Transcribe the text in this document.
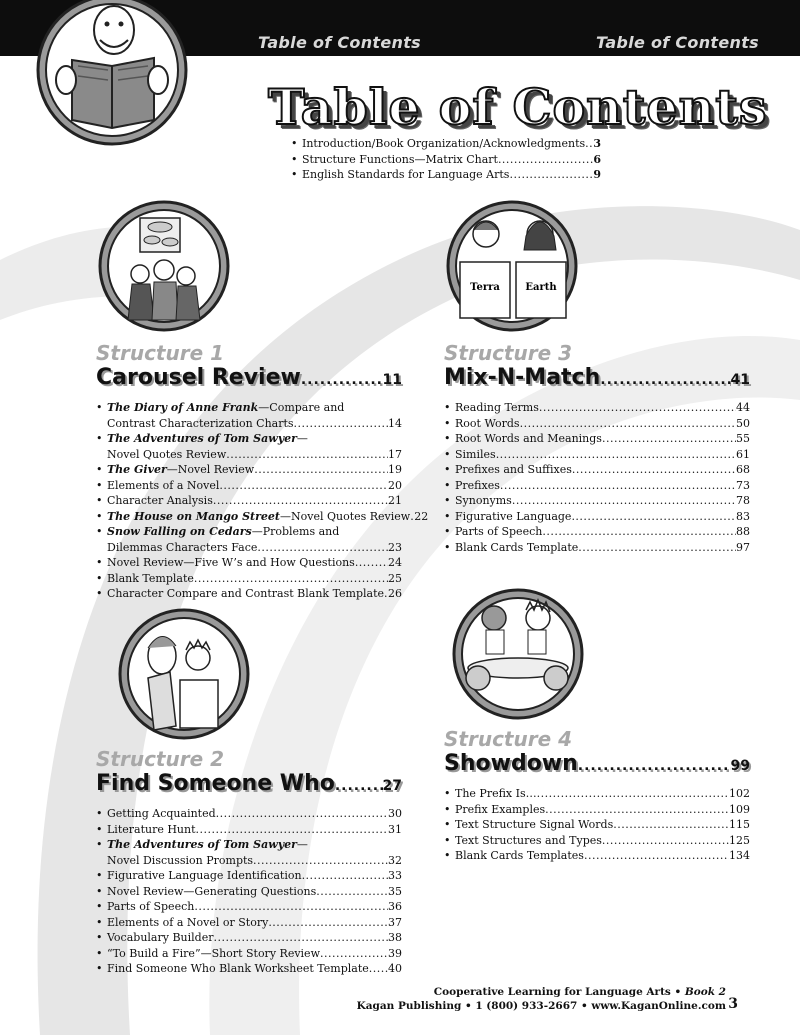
Table of Contents	Table of Contents
Table of Contents
• Introduction/Book Organization/Acknowledgments ..... 3
• Structure Functions—Matrix Chart .....	6
• English Standards for Language Arts .....	9
Terra	Earth
Structure 1
Carousel Review .....	11
• The Diary of Anne Frank—Compare and
Contrast Characterization Charts .....	14
• The Adventures of Tom Sawyer—
Novel Quotes Review .....	17
• The Giver—Novel Review .....	19
• Elements of a Novel .....	20
• Character Analysis .....	21
• The House on Mango Street—Novel Quotes Review ..... 22
• Snow Falling on Cedars—Problems and
Dilemmas Characters Face .....	23
• Novel Review—Five W’s and How Questions .....	24
• Blank Template .....	25
• Character Compare and Contrast Blank Template ..... 26
Structure 3
Mix-N-Match .....	41
• Reading Terms .....	44
• Root Words .....	50
• Root Words and Meanings .....	55
• Similes .....	61
• Prefixes and Suffixes .....	68
• Prefixes .....	73
• Synonyms .....	78
• Figurative Language .....	83
• Parts of Speech .....	88
• Blank Cards Template .....	97
Structure 2
Find Someone Who .....	27
• Getting Acquainted .....	30
• Literature Hunt .....	31
• The Adventures of Tom Sawyer—
Novel Discussion Prompts .....	32
• Figurative Language Identification .....	33
• Novel Review—Generating Questions .....	35
• Parts of Speech .....	36
• Elements of a Novel or Story .....	37
• Vocabulary Builder .....	38
• “To Build a Fire”—Short Story Review .....	39
• Find Someone Who Blank Worksheet Template ..... 40
Structure 4
Showdown .....	99
• The Prefix Is… .....	102
• Prefix Examples .....	109
• Text Structure Signal Words .....	115
• Text Structures and Types .....	125
• Blank Cards Templates .....	134
Cooperative Learning for Language Arts • Book 2
Kagan Publishing • 1 (800) 933-2667 • www.KaganOnline.com 3
